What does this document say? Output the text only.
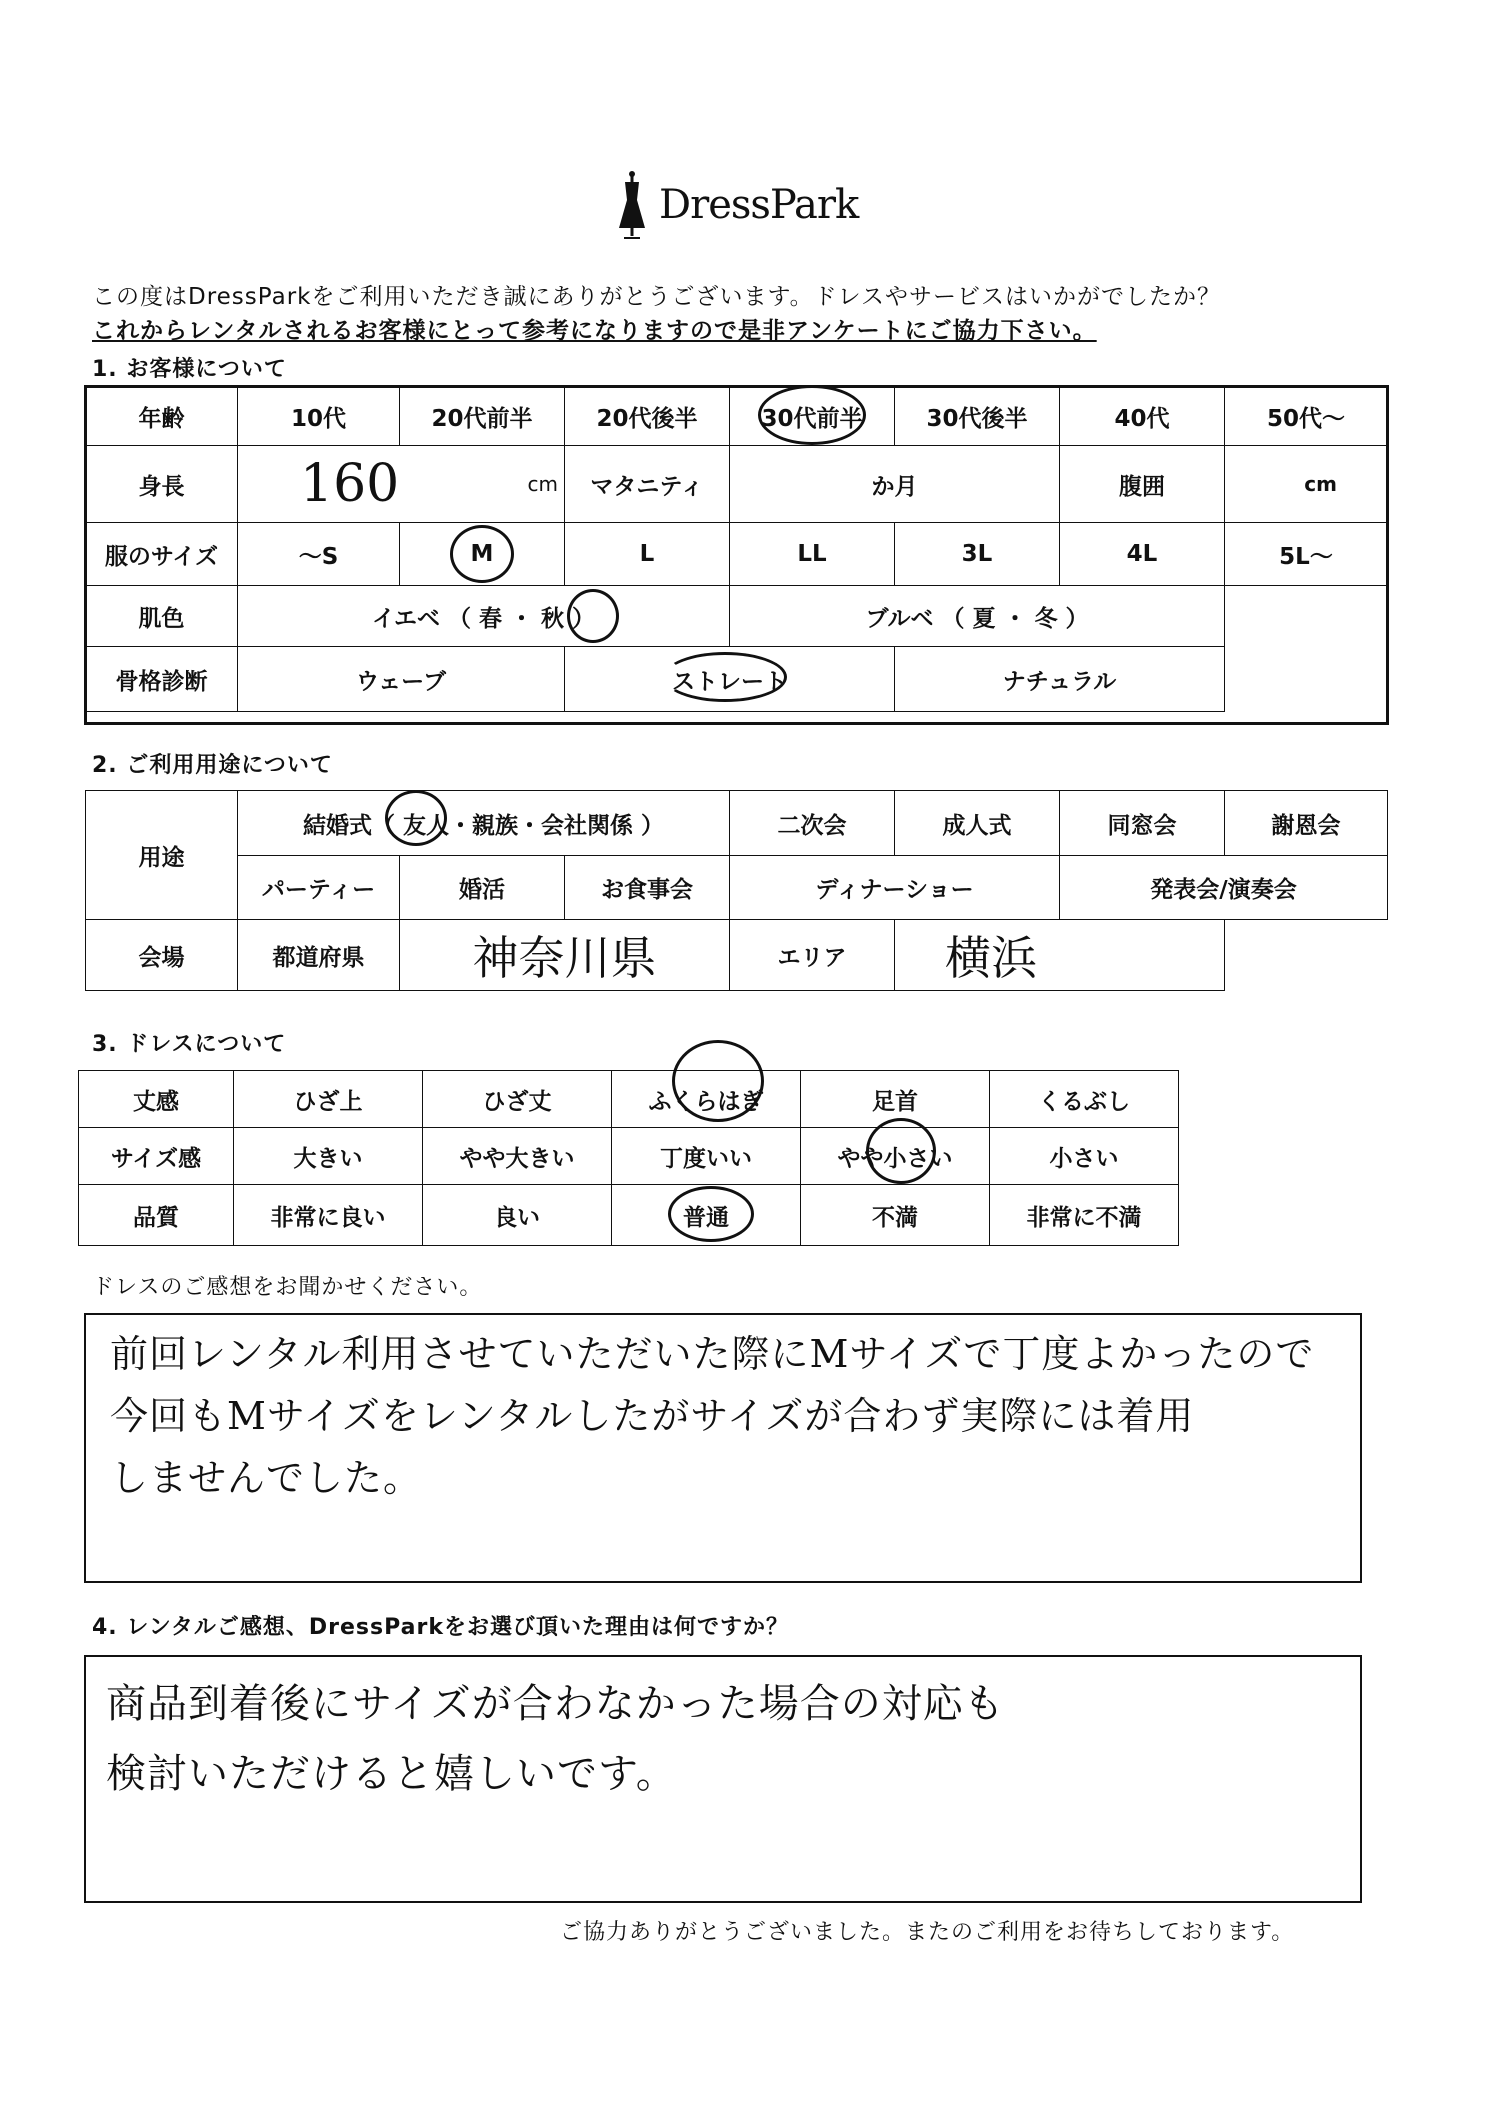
DressPark
この度はDressParkをご利用いただき誠にありがとうございます。ドレスやサービスはいかがでしたか？
これからレンタルされるお客様にとって参考になりますので是非アンケートにご協力下さい。
1. お客様について
年齢	10代	20代前半	20代後半	30代前半	30代後半	40代	50代～
身長	160	cm	マタニティ	か月	腹囲	cm
服のサイズ	～S	M	L	LL	3L	4L	5L～
肌色	イエベ （ 春 ・ 秋 ）	ブルベ （ 夏 ・ 冬 ）
骨格診断	ウェーブ	ストレート	ナチュラル
2. ご利用用途について
用途
結婚式（ 友人・親族・会社関係 ）	二次会	成人式	同窓会	謝恩会
パーティー	婚活	お食事会	ディナーショー	発表会/演奏会
会場	都道府県	神奈川県	エリア	横浜
3. ドレスについて
丈感	ひざ上	ひざ丈	ふくらはぎ	足首	くるぶし
サイズ感	大きい	やや大きい	丁度いい	やや小さい	小さい
品質	非常に良い	良い	普通	不満	非常に不満
ドレスのご感想をお聞かせください。
前回レンタル利用させていただいた際にMサイズで丁度よかったので
今回もMサイズをレンタルしたがサイズが合わず実際には着用
しませんでした。
4. レンタルご感想、DressParkをお選び頂いた理由は何ですか？
商品到着後にサイズが合わなかった場合の対応も
検討いただけると嬉しいです。
ご協力ありがとうございました。またのご利用をお待ちしております。
